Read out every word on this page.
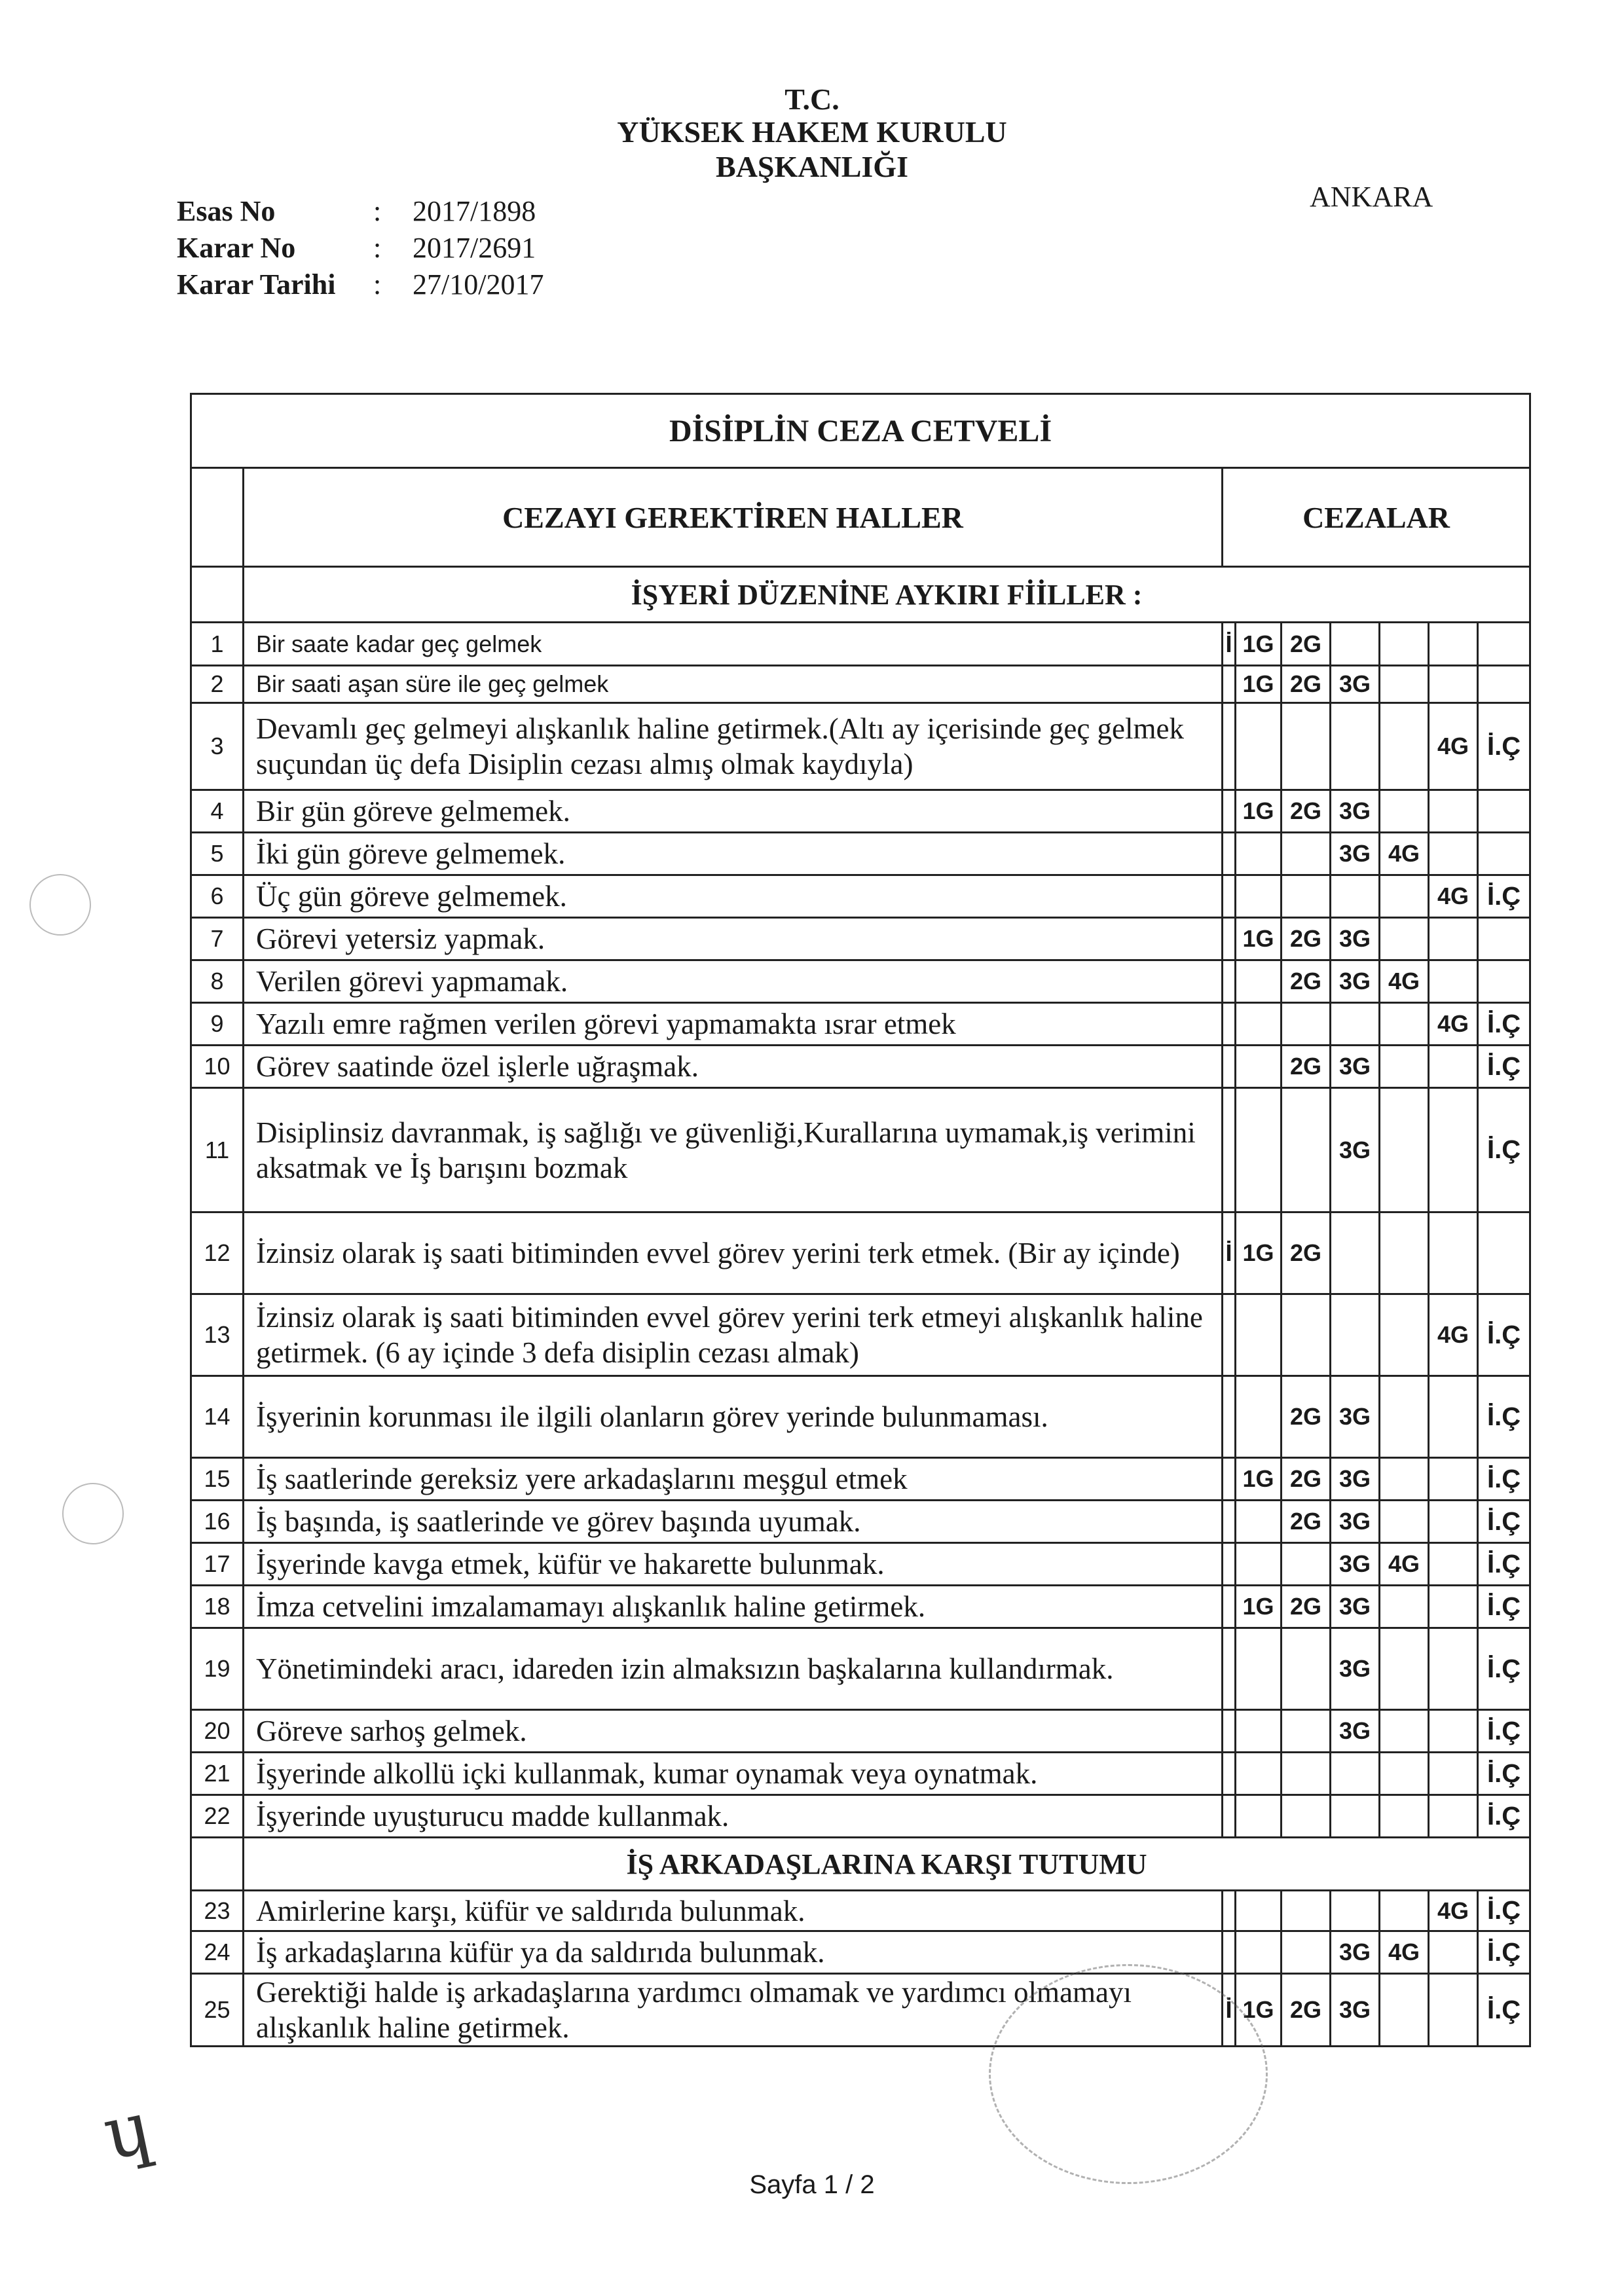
T.C.
YÜKSEK HAKEM KURULU
BAŞKANLIĞI
ANKARA
Esas No	:	2017/1898
Karar No	:	2017/2691
Karar Tarihi	:	27/10/2017
DİSİPLİN CEZA CETVELİ								
	CEZAYI GEREKTİREN HALLER	CEZALAR						
	İŞYERİ DÜZENİNE AYKIRI FİİLLER :							
1	Bir saate kadar geç gelmek	İ	1G	2G				
2	Bir saati aşan süre ile geç gelmek		1G	2G	3G			
3	Devamlı geç gelmeyi alışkanlık haline getirmek.(Altı ay içerisinde geç gelmek suçundan üç defa Disiplin cezası almış olmak kaydıyla)						4G	İ.Ç
4	Bir gün göreve gelmemek.		1G	2G	3G			
5	İki gün göreve gelmemek.				3G	4G		
6	Üç gün göreve gelmemek.						4G	İ.Ç
7	Görevi yetersiz yapmak.		1G	2G	3G			
8	Verilen görevi yapmamak.			2G	3G	4G		
9	Yazılı emre rağmen verilen görevi yapmamakta ısrar etmek						4G	İ.Ç
10	Görev saatinde özel işlerle uğraşmak.			2G	3G			İ.Ç
11	Disiplinsiz davranmak, iş sağlığı ve güvenliği,Kurallarına uymamak,iş verimini aksatmak ve İş barışını bozmak				3G			İ.Ç
12	İzinsiz olarak iş saati bitiminden evvel görev yerini terk etmek. (Bir ay içinde)	İ	1G	2G				
13	İzinsiz olarak iş saati bitiminden evvel görev yerini terk etmeyi alışkanlık haline getirmek. (6 ay içinde 3 defa disiplin cezası almak)						4G	İ.Ç
14	İşyerinin korunması ile ilgili olanların görev yerinde bulunmaması.			2G	3G			İ.Ç
15	İş saatlerinde gereksiz yere arkadaşlarını meşgul etmek		1G	2G	3G			İ.Ç
16	İş başında, iş saatlerinde ve görev başında uyumak.			2G	3G			İ.Ç
17	İşyerinde kavga etmek, küfür ve hakarette bulunmak.				3G	4G		İ.Ç
18	İmza cetvelini imzalamamayı alışkanlık haline getirmek.		1G	2G	3G			İ.Ç
19	Yönetimindeki aracı, idareden izin almaksızın başkalarına kullandırmak.				3G			İ.Ç
20	Göreve sarhoş gelmek.				3G			İ.Ç
21	İşyerinde alkollü içki kullanmak, kumar oynamak veya oynatmak.							İ.Ç
22	İşyerinde uyuşturucu madde kullanmak.							İ.Ç
	İŞ ARKADAŞLARINA KARŞI TUTUMU							
23	Amirlerine karşı, küfür ve saldırıda bulunmak.						4G	İ.Ç
24	İş arkadaşlarına küfür ya da saldırıda bulunmak.				3G	4G		İ.Ç
25	Gerektiği halde iş arkadaşlarına yardımcı olmamak ve yardımcı olmamayı alışkanlık haline getirmek.	İ	1G	2G	3G			İ.Ç
Sayfa 1 / 2
ɥ
